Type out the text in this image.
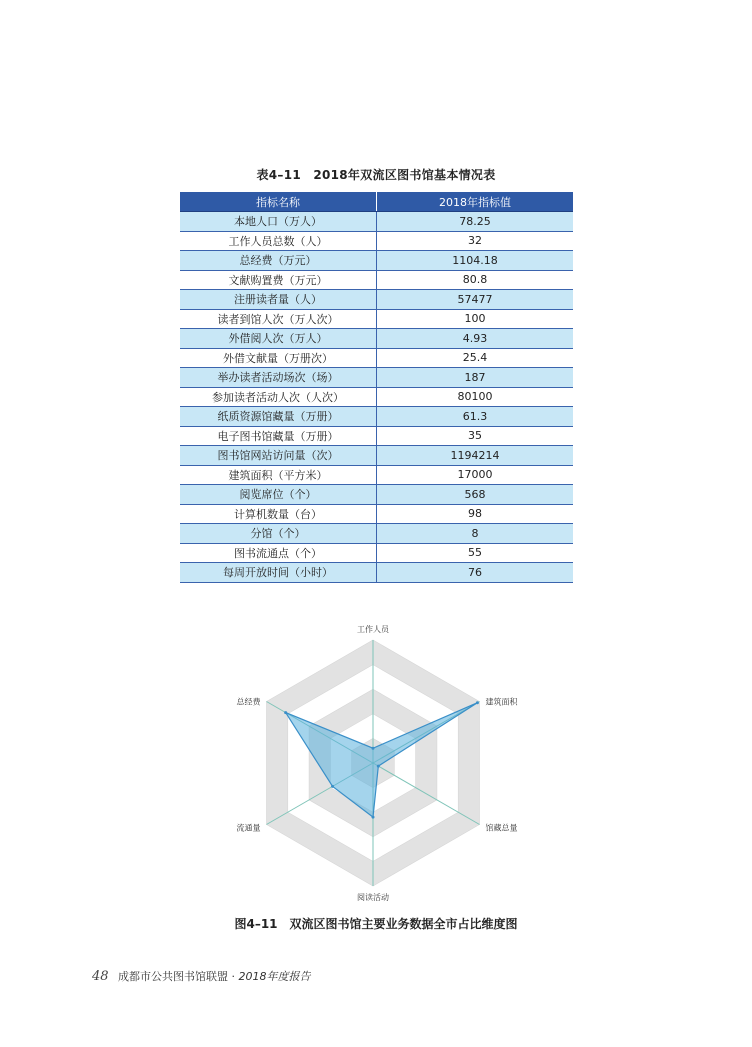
表4–11　2018年双流区图书馆基本情况表
指标名称	2018年指标值
本地人口（万人）	78.25
工作人员总数（人）	32
总经费（万元）	1104.18
文献购置费（万元）	80.8
注册读者量（人）	57477
读者到馆人次（万人次）	100
外借阅人次（万人）	4.93
外借文献量（万册次）	25.4
举办读者活动场次（场）	187
参加读者活动人次（人次）	80100
纸质资源馆藏量（万册）	61.3
电子图书馆藏量（万册）	35
图书馆网站访问量（次）	1194214
建筑面积（平方米）	17000
阅览席位（个）	568
计算机数量（台）	98
分馆（个）	8
图书流通点（个）	55
每周开放时间（小时）	76
工作人员
建筑面积
馆藏总量
阅读活动
流通量
总经费
图4–11　双流区图书馆主要业务数据全市占比维度图
48 成都市公共图书馆联盟 · 2018年度报告
